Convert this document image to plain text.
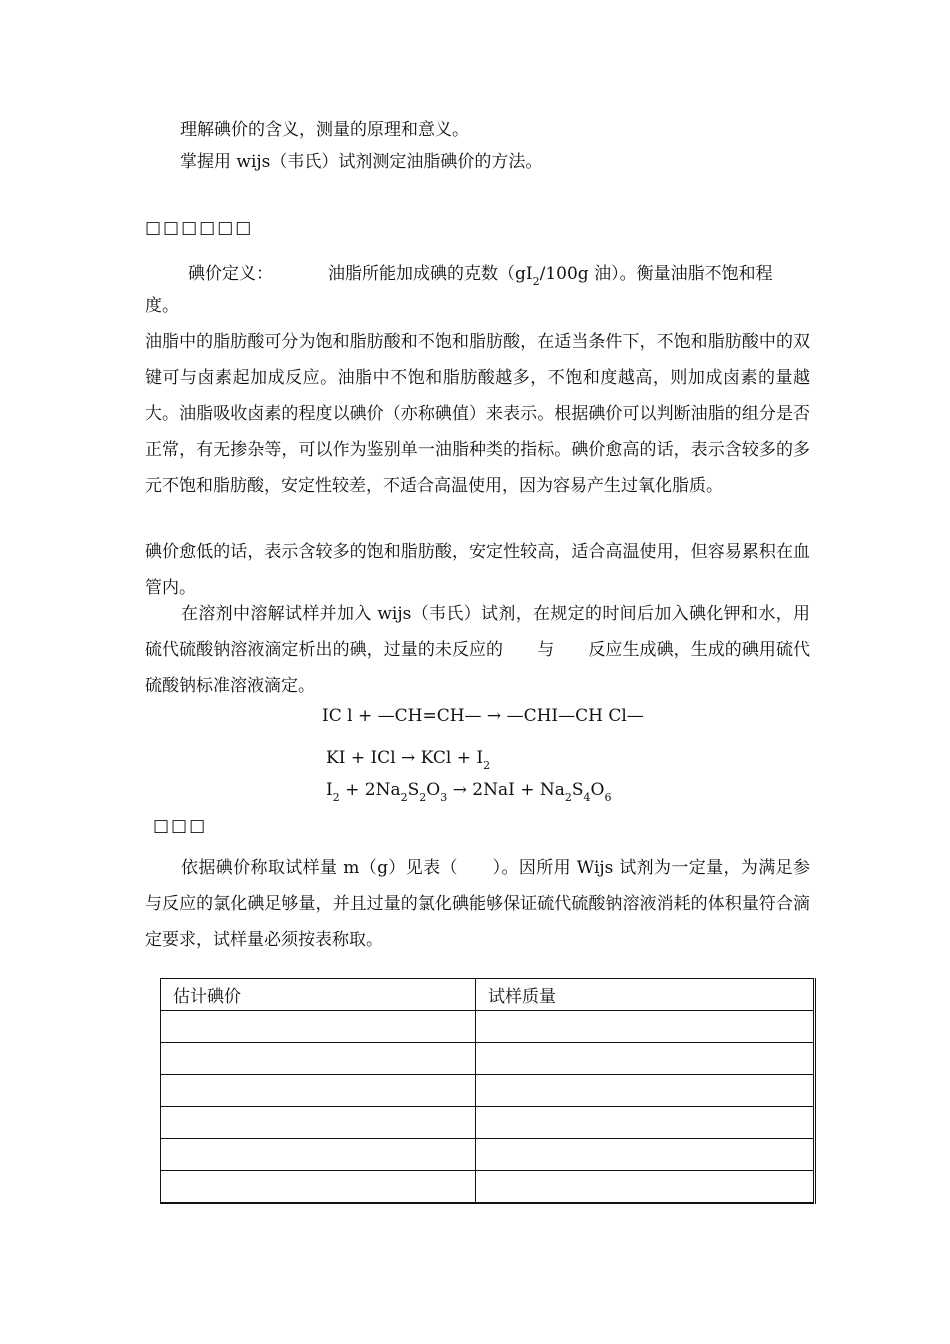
理解碘价的含义，测量的原理和意义。
掌握用 wijs（韦氏）试剂测定油脂碘价的方法。
□□□□□□
碘价定义：	油脂所能加成碘的克数（$gI_2/100g$ 油）。衡量油脂不饱和程
度。
油脂中的脂肪酸可分为饱和脂肪酸和不饱和脂肪酸，在适当条件下，不饱和脂肪酸中的双键可与卤素起加成反应。油脂中不饱和脂肪酸越多，不饱和度越高，则加成卤素的量越大。油脂吸收卤素的程度以碘价（亦称碘值）来表示。根据碘价可以判断油脂的组分是否正常，有无掺杂等，可以作为鉴别单一油脂种类的指标。碘价愈高的话，表示含较多的多元不饱和脂肪酸，安定性较差，不适合高温使用，因为容易产生过氧化脂质。
碘价愈低的话，表示含较多的饱和脂肪酸，安定性较高，适合高温使用，但容易累积在血管内。
在溶剂中溶解试样并加入 wijs（韦氏）试剂，在规定的时间后加入碘化钾和水，用硫代硫酸钠溶液滴定析出的碘，过量的未反应的　　与　　反应生成碘，生成的碘用硫代硫酸钠标准溶液滴定。
IC l + —CH=CH— → —CHI—CH Cl—
KI + ICl → KCl + $I_2$
$I_2 + 2Na_2S_2O_3 \to 2NaI + Na_2S_4O_6$
□□□
依据碘价称取试样量 m（g）见表（　　）。因所用 Wijs 试剂为一定量，为满足参与反应的氯化碘足够量，并且过量的氯化碘能够保证硫代硫酸钠溶液消耗的体积量符合滴定要求，试样量必须按表称取。
估计碘价	试样质量
